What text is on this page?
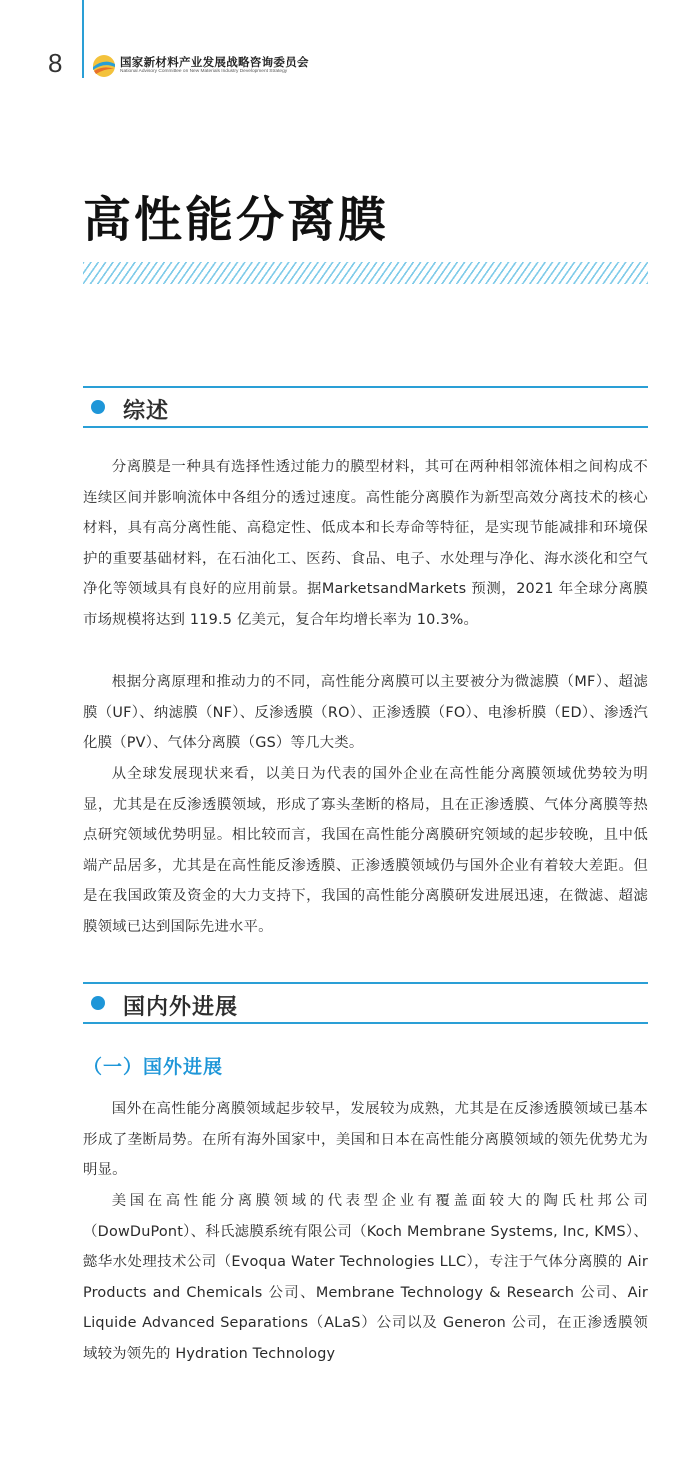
8	国家新材料产业发展战略咨询委员会
National Advisory Committee on New Materials Industry Development Strategy
高性能分离膜
综述

分离膜是一种具有选择性透过能力的膜型材料，其可在两种相邻流体相之间构成不连续区间并影响流体中各组分的透过速度。高性能分离膜作为新型高效分离技术的核心材料，具有高分离性能、高稳定性、低成本和长寿命等特征，是实现节能减排和环境保护的重要基础材料，在石油化工、医药、食品、电子、水处理与净化、海水淡化和空气净化等领域具有良好的应用前景。据MarketsandMarkets 预测，2021 年全球分离膜市场规模将达到 119.5 亿美元，复合年均增长率为 10.3%。

根据分离原理和推动力的不同，高性能分离膜可以主要被分为微滤膜（MF）、超滤膜（UF）、纳滤膜（NF）、反渗透膜（RO）、正渗透膜（FO）、电渗析膜（ED）、渗透汽化膜（PV）、气体分离膜（GS）等几大类。

从全球发展现状来看，以美日为代表的国外企业在高性能分离膜领域优势较为明显，尤其是在反渗透膜领域，形成了寡头垄断的格局，且在正渗透膜、气体分离膜等热点研究领域优势明显。相比较而言，我国在高性能分离膜研究领域的起步较晚，且中低端产品居多，尤其是在高性能反渗透膜、正渗透膜领域仍与国外企业有着较大差距。但是在我国政策及资金的大力支持下，我国的高性能分离膜研发进展迅速，在微滤、超滤膜领域已达到国际先进水平。

国内外进展
（一）国外进展

国外在高性能分离膜领域起步较早，发展较为成熟，尤其是在反渗透膜领域已基本形成了垄断局势。在所有海外国家中，美国和日本在高性能分离膜领域的领先优势尤为明显。

美国在高性能分离膜领域的代表型企业有覆盖面较大的陶氏杜邦公司（DowDuPont）、科氏滤膜系统有限公司（Koch Membrane Systems, Inc, KMS）、懿华水处理技术公司（Evoqua Water Technologies LLC），专注于气体分离膜的 Air Products and Chemicals 公司、Membrane Technology & Research 公司、Air Liquide Advanced Separations（ALaS）公司以及 Generon 公司，在正渗透膜领域较为领先的 Hydration Technology
